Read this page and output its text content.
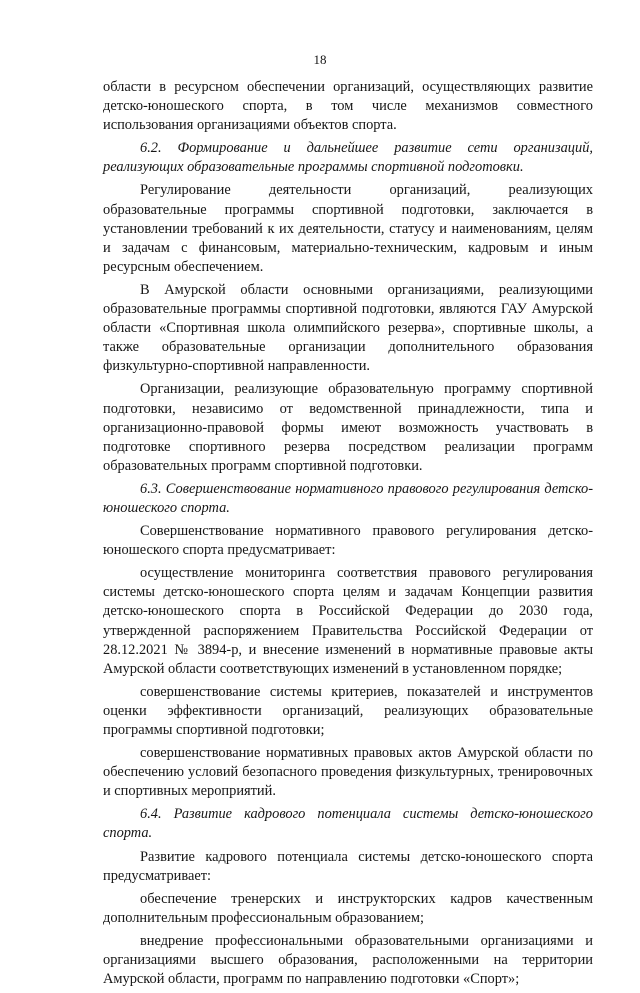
18

области в ресурсном обеспечении организаций, осуществляющих развитие детско-юношеского спорта, в том числе механизмов совместного использования организациями объектов спорта.

6.2. Формирование и дальнейшее развитие сети организаций, реализующих образовательные программы спортивной подготовки.

Регулирование деятельности организаций, реализующих образовательные программы спортивной подготовки, заключается в установлении требований к их деятельности, статусу и наименованиям, целям и задачам с финансовым, материально-техническим, кадровым и иным ресурсным обеспечением.

В Амурской области основными организациями, реализующими образовательные программы спортивной подготовки, являются ГАУ Амурской области «Спортивная школа олимпийского резерва», спортивные школы, а также образовательные организации дополнительного образования физкультурно-спортивной направленности.

Организации, реализующие образовательную программу спортивной подготовки, независимо от ведомственной принадлежности, типа и организационно-правовой формы имеют возможность участвовать в подготовке спортивного резерва посредством реализации программ образовательных программ спортивной подготовки.

6.3. Совершенствование нормативного правового регулирования детско-юношеского спорта.

Совершенствование нормативного правового регулирования детско-юношеского спорта предусматривает:

осуществление мониторинга соответствия правового регулирования системы детско-юношеского спорта целям и задачам Концепции развития детско-юношеского спорта в Российской Федерации до 2030 года, утвержденной распоряжением Правительства Российской Федерации от 28.12.2021 № 3894-р, и внесение изменений в нормативные правовые акты Амурской области соответствующих изменений в установленном порядке;

совершенствование системы критериев, показателей и инструментов оценки эффективности организаций, реализующих образовательные программы спортивной подготовки;

совершенствование нормативных правовых актов Амурской области по обеспечению условий безопасного проведения физкультурных, тренировочных и спортивных мероприятий.

6.4. Развитие кадрового потенциала системы детско-юношеского спорта.

Развитие кадрового потенциала системы детско-юношеского спорта предусматривает:

обеспечение тренерских и инструкторских кадров качественным дополнительным профессиональным образованием;

внедрение профессиональными образовательными организациями и организациями высшего образования, расположенными на территории Амурской области, программ по направлению подготовки «Спорт»;
